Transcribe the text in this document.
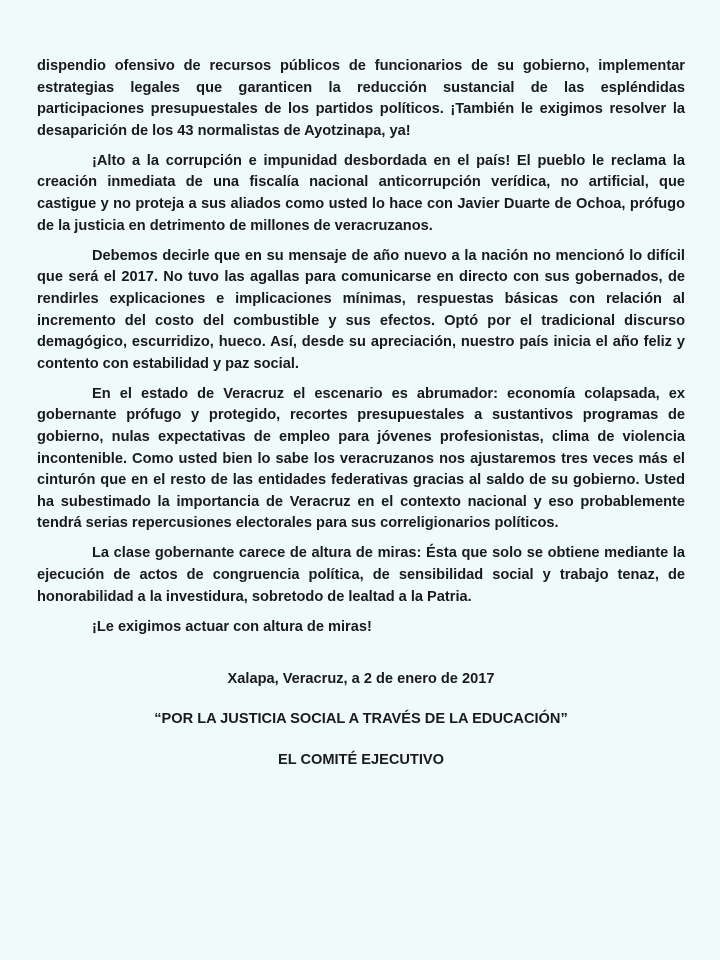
dispendio ofensivo de recursos públicos de funcionarios de su gobierno, implementar estrategias legales que garanticen la reducción sustancial de las espléndidas participaciones presupuestales de los partidos políticos. ¡También le exigimos resolver la desaparición de los 43 normalistas de Ayotzinapa, ya!

¡Alto a la corrupción e impunidad desbordada en el país! El pueblo le reclama la creación inmediata de una fiscalía nacional anticorrupción verídica, no artificial, que castigue y no proteja a sus aliados como usted lo hace con Javier Duarte de Ochoa, prófugo de la justicia en detrimento de millones de veracruzanos.

Debemos decirle que en su mensaje de año nuevo a la nación no mencionó lo difícil que será el 2017. No tuvo las agallas para comunicarse en directo con sus gobernados, de rendirles explicaciones e implicaciones mínimas, respuestas básicas con relación al incremento del costo del combustible y sus efectos. Optó por el tradicional discurso demagógico, escurridizo, hueco. Así, desde su apreciación, nuestro país inicia el año feliz y contento con estabilidad y paz social.

En el estado de Veracruz el escenario es abrumador: economía colapsada, ex gobernante prófugo y protegido, recortes presupuestales a sustantivos programas de gobierno, nulas expectativas de empleo para jóvenes profesionistas, clima de violencia incontenible. Como usted bien lo sabe los veracruzanos nos ajustaremos tres veces más el cinturón que en el resto de las entidades federativas gracias al saldo de su gobierno. Usted ha subestimado la importancia de Veracruz en el contexto nacional y eso probablemente tendrá serias repercusiones electorales para sus correligionarios políticos.

La clase gobernante carece de altura de miras: Ésta que solo se obtiene mediante la ejecución de actos de congruencia política, de sensibilidad social y trabajo tenaz, de honorabilidad a la investidura, sobretodo de lealtad a la Patria.

¡Le exigimos actuar con altura de miras!

Xalapa, Veracruz, a 2 de enero de 2017

“POR LA JUSTICIA SOCIAL A TRAVÉS DE LA EDUCACIÓN”

EL COMITÉ EJECUTIVO
